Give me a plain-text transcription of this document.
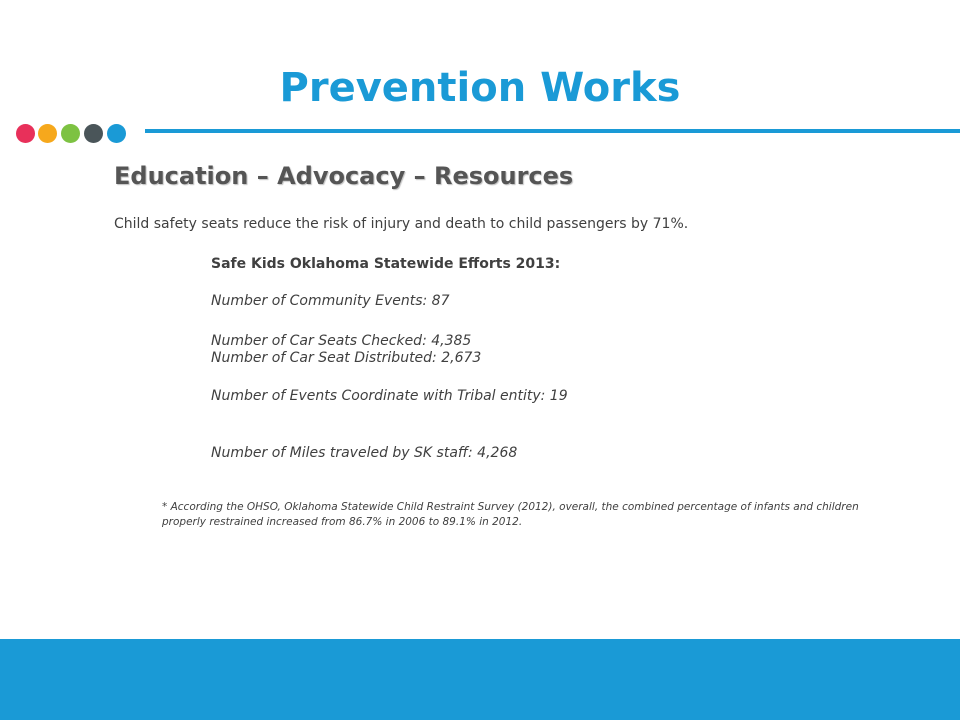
Prevention Works
Education – Advocacy – Resources
Child safety seats reduce the risk of injury and death to child passengers by 71%.
Safe Kids Oklahoma Statewide Efforts 2013:
Number of Community Events: 87
Number of Car Seats Checked: 4,385
Number of Car Seat Distributed: 2,673
Number of Events Coordinate with Tribal entity: 19
Number of Miles traveled by SK staff: 4,268
* According the OHSO, Oklahoma Statewide Child Restraint Survey (2012), overall, the combined percentage of infants and children properly restrained increased from 86.7% in 2006 to 89.1% in 2012.
